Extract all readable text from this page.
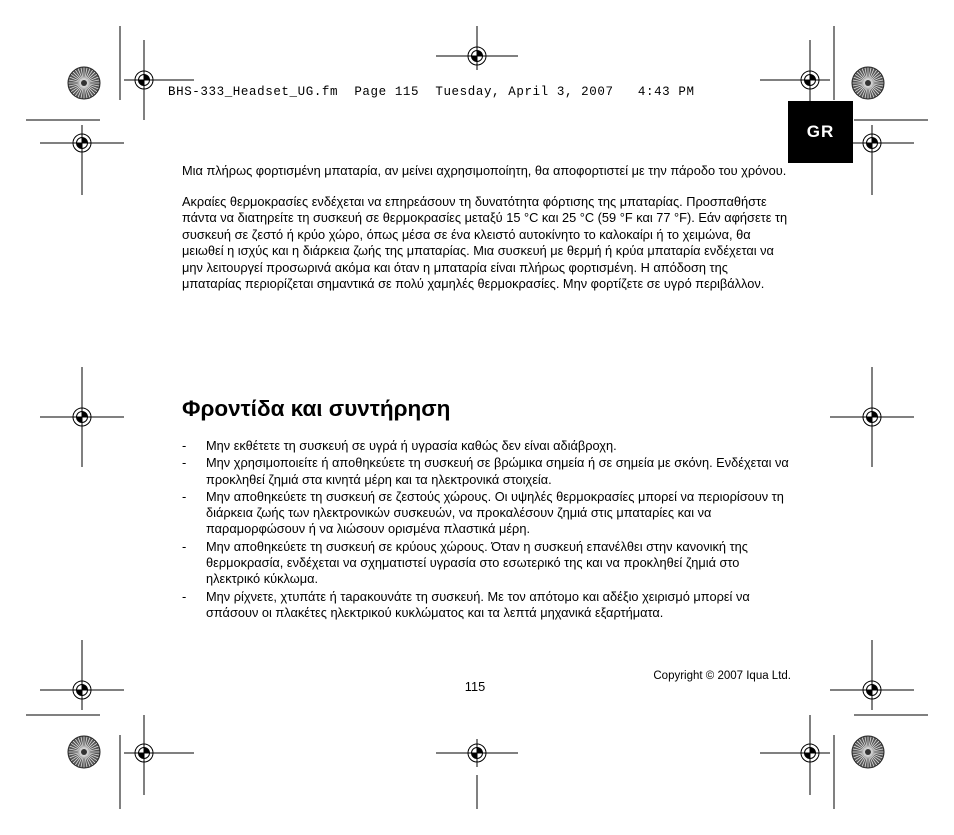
BHS-333_Headset_UG.fm  Page 115  Tuesday, April 3, 2007   4:43 PM
GR

Μια πλήρως φορτισμένη μπαταρία, αν μείνει αχρησιμοποίητη, θα αποφορτιστεί με την πάροδο του χρόνου.

Ακραίες θερμοκρασίες ενδέχεται να επηρεάσουν τη δυνατότητα φόρτισης της μπαταρίας. Προσπαθήστε πάντα να διατηρείτε τη συσκευή σε θερμοκρασίες μεταξύ 15 °C και 25 °C (59 °F και 77 °F). Εάν αφήσετε τη συσκευή σε ζεστό ή κρύο χώρο, όπως μέσα σε ένα κλειστό αυτοκίνητο το καλοκαίρι ή το χειμώνα, θα μειωθεί η ισχύς και η διάρκεια ζωής της μπαταρίας. Μια συσκευή με θερμή ή κρύα μπαταρία ενδέχεται να μην λειτουργεί προσωρινά ακόμα και όταν η μπαταρία είναι πλήρως φορτισμένη. Η απόδοση της μπαταρίας περιορίζεται σημαντικά σε πολύ χαμηλές θερμοκρασίες. Μην φορτίζετε σε υγρό περιβάλλον.

Φροντίδα και συντήρηση
- Μην εκθέτετε τη συσκευή σε υγρά ή υγρασία καθώς δεν είναι αδιάβροχη.
- Μην χρησιμοποιείτε ή αποθηκεύετε τη συσκευή σε βρώμικα σημεία ή σε σημεία με σκόνη. Ενδέχεται να προκληθεί ζημιά στα κινητά μέρη και τα ηλεκτρονικά στοιχεία.
- Μην αποθηκεύετε τη συσκευή σε ζεστούς χώρους. Οι υψηλές θερμοκρασίες μπορεί να περιορίσουν τη διάρκεια ζωής των ηλεκτρονικών συσκευών, να προκαλέσουν ζημιά στις μπαταρίες και να παραμορφώσουν ή να λιώσουν ορισμένα πλαστικά μέρη.
- Μην αποθηκεύετε τη συσκευή σε κρύους χώρους. Όταν η συσκευή επανέλθει στην κανονική της θερμοκρασία, ενδέχεται να σχηματιστεί υγρασία στο εσωτερικό της και να προκληθεί ζημιά στο ηλεκτρικό κύκλωμα.
- Μην ρίχνετε, χτυπάτε ή τaρακουνάτε τη συσκευή. Με τον απότομο και αδέξιο χειρισμό μπορεί να σπάσουν οι πλακέτες ηλεκτρικού κυκλώματος και τα λεπτά μηχανικά εξαρτήματα.
Copyright © 2007 Iqua Ltd.
115
